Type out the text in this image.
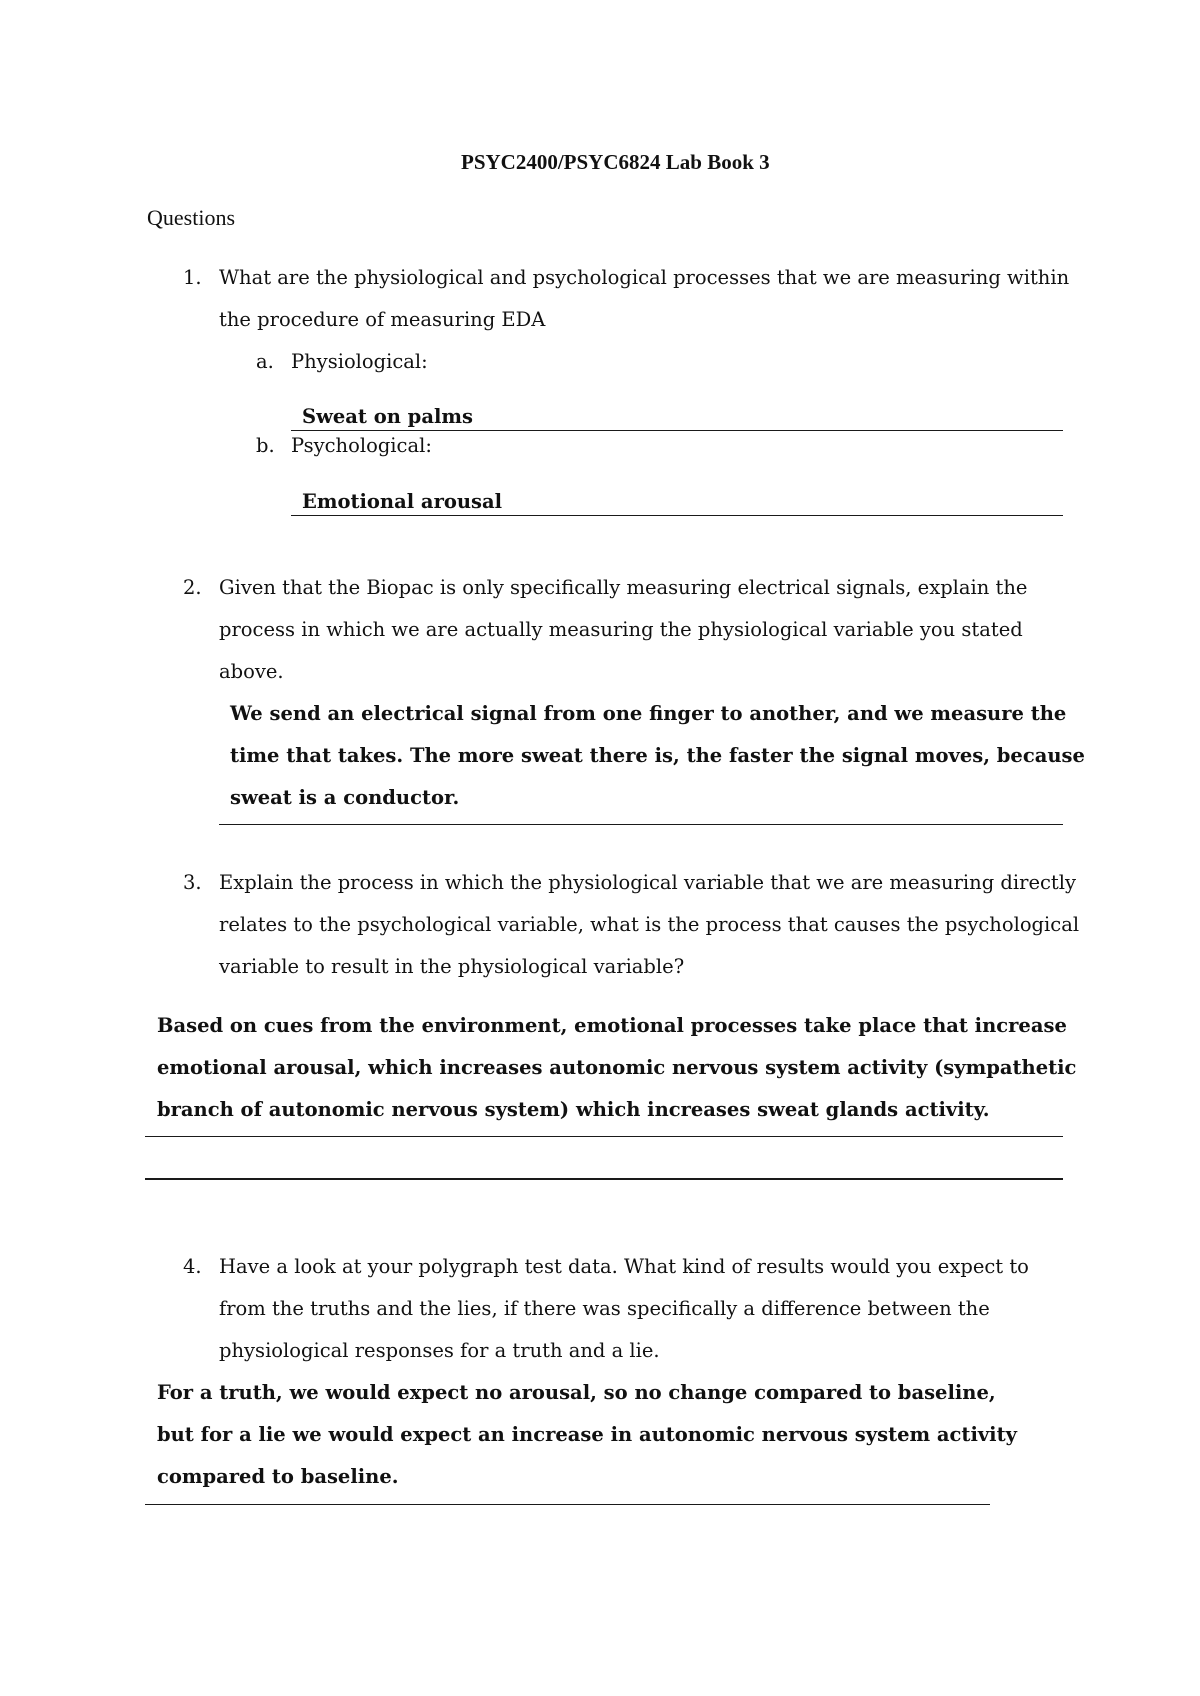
PSYC2400/PSYC6824 Lab Book 3
Questions
1. What are the physiological and psychological processes that we are measuring within
the procedure of measuring EDA
a. Physiological:
Sweat on palms
b. Psychological:
Emotional arousal
2. Given that the Biopac is only specifically measuring electrical signals, explain the
process in which we are actually measuring the physiological variable you stated
above.
We send an electrical signal from one finger to another, and we measure the
time that takes. The more sweat there is, the faster the signal moves, because
sweat is a conductor.
3. Explain the process in which the physiological variable that we are measuring directly
relates to the psychological variable, what is the process that causes the psychological
variable to result in the physiological variable?
Based on cues from the environment, emotional processes take place that increase
emotional arousal, which increases autonomic nervous system activity (sympathetic
branch of autonomic nervous system) which increases sweat glands activity.
4. Have a look at your polygraph test data. What kind of results would you expect to
from the truths and the lies, if there was specifically a difference between the
physiological responses for a truth and a lie.
For a truth, we would expect no arousal, so no change compared to baseline,
but for a lie we would expect an increase in autonomic nervous system activity
compared to baseline.
